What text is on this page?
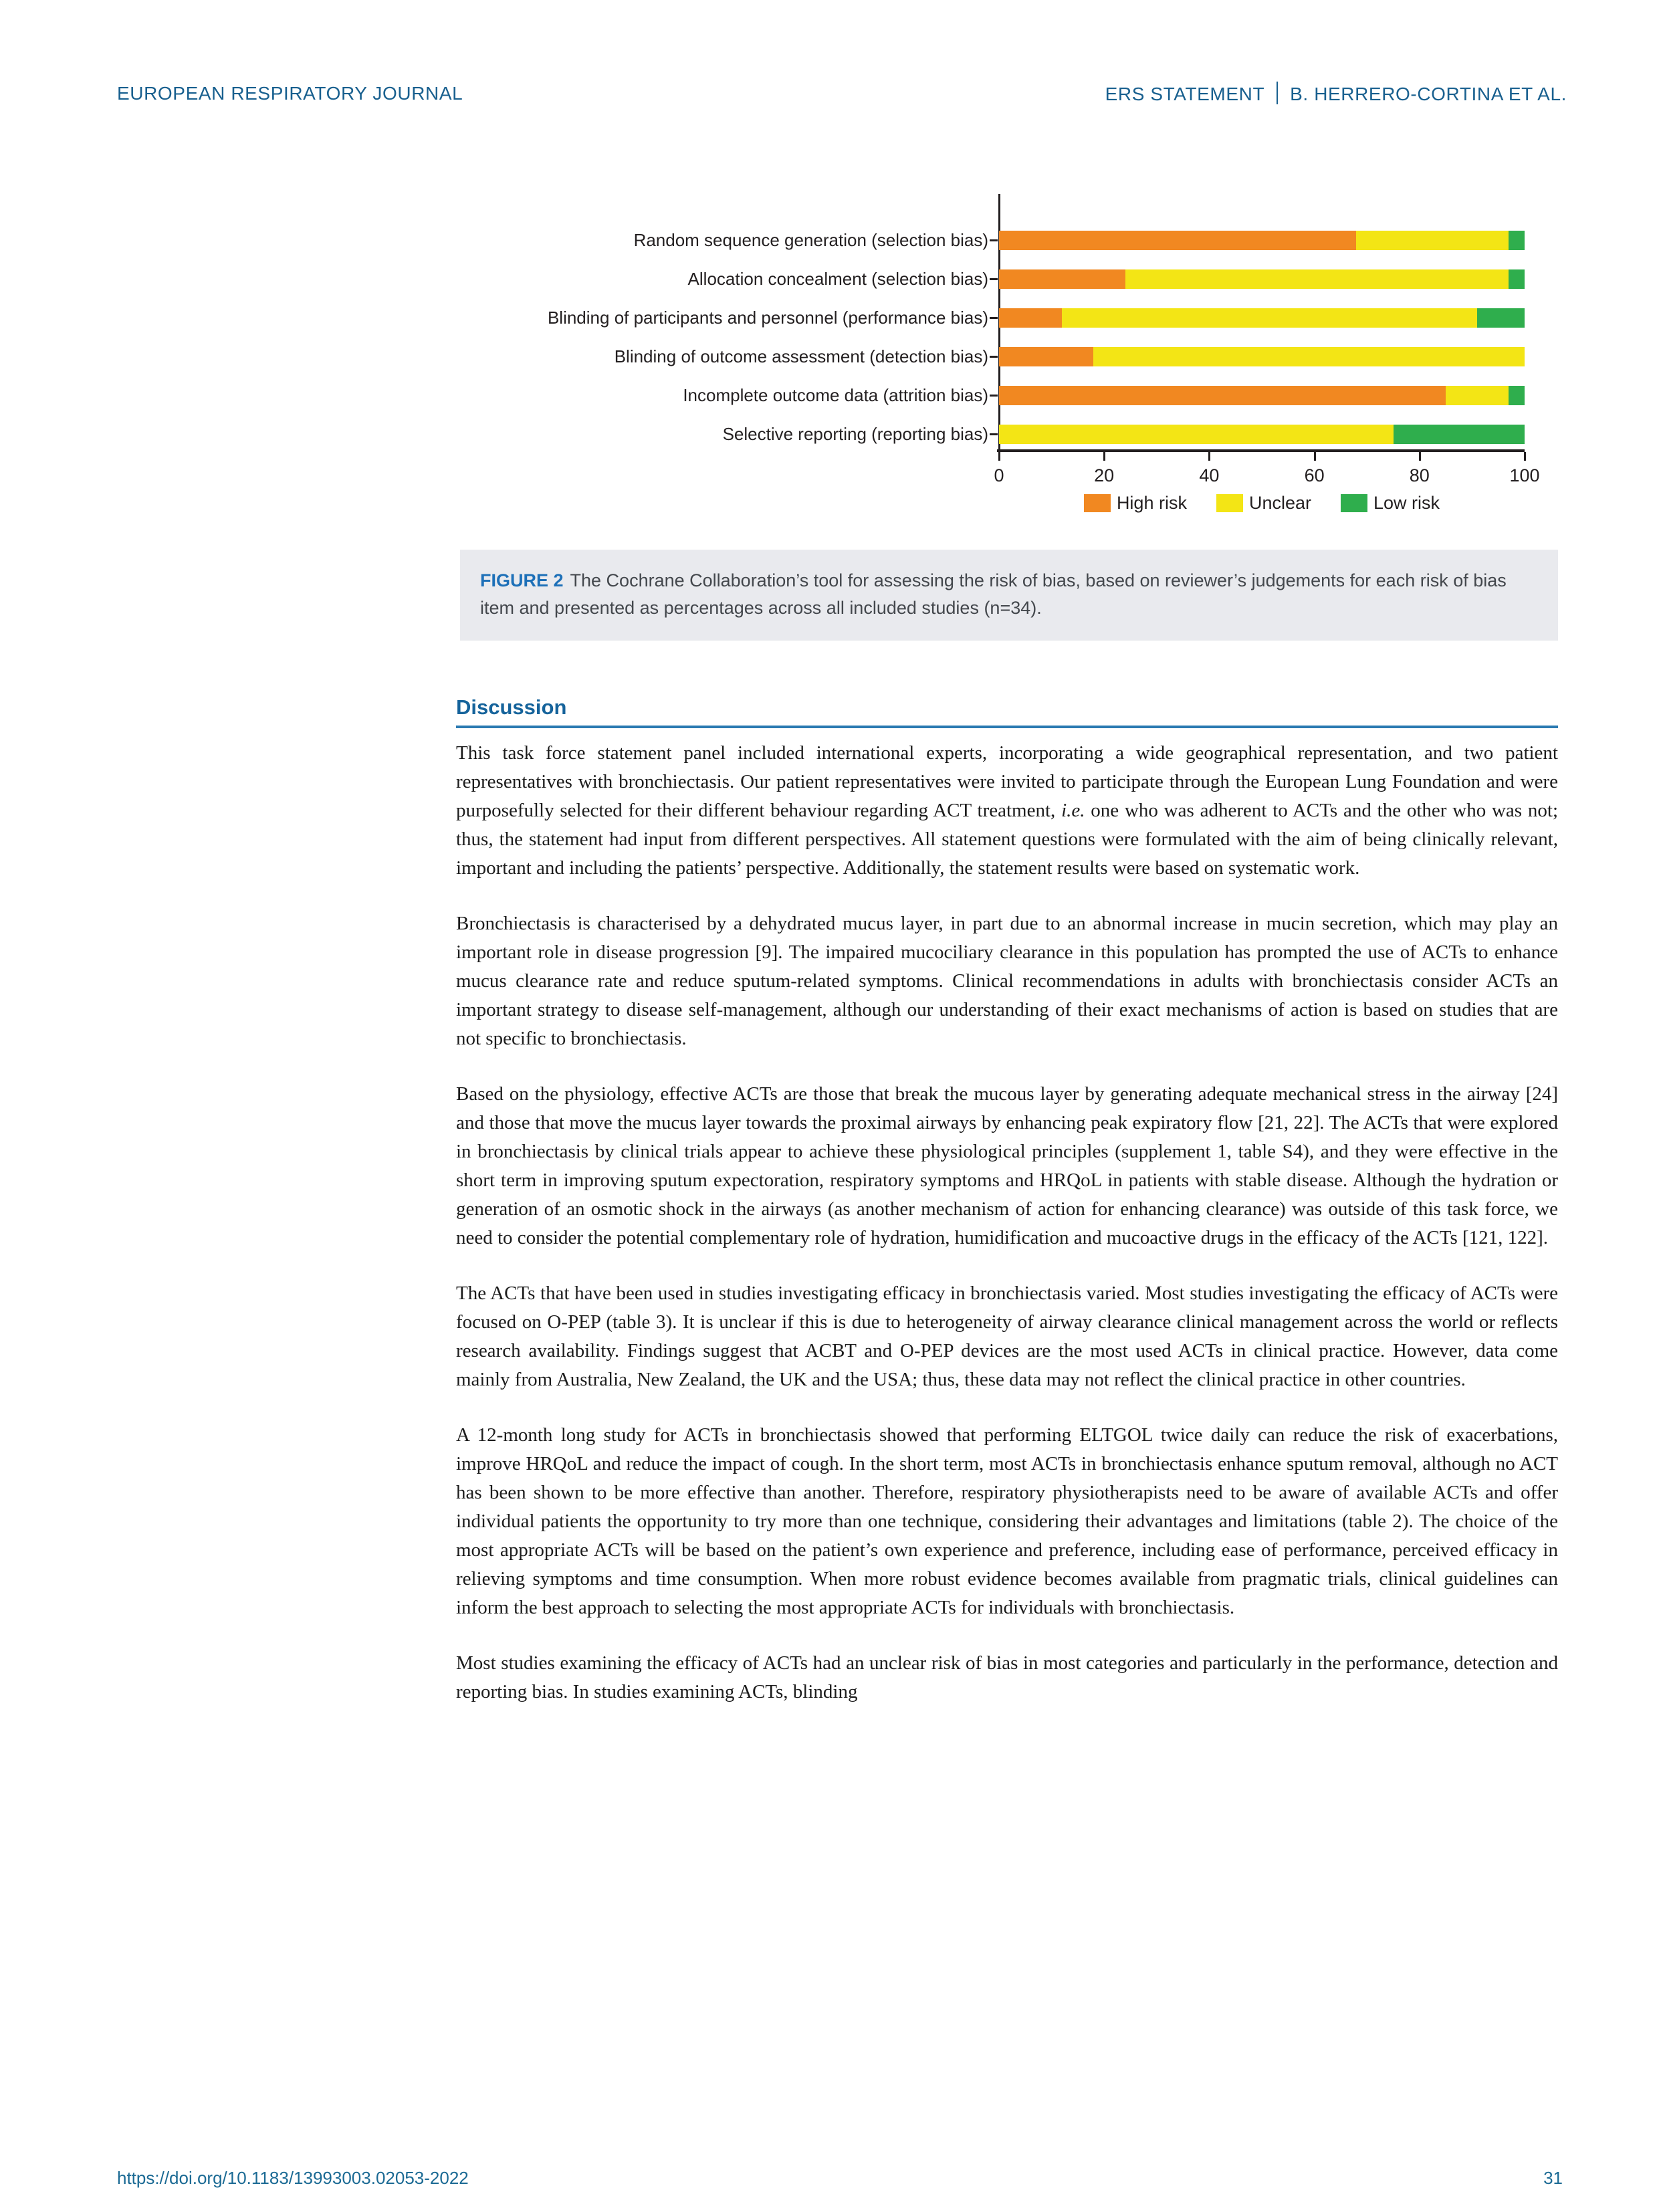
EUROPEAN RESPIRATORY JOURNAL	ERS STATEMENT B. HERRERO-CORTINA ET AL.
Random sequence generation (selection bias)
Allocation concealment (selection bias)
Blinding of participants and personnel (performance bias)
Blinding of outcome assessment (detection bias)
Incomplete outcome data (attrition bias)
Selective reporting (reporting bias)
0	20	40	60	80	100
High risk	Unclear	Low risk
FIGURE 2 The Cochrane Collaboration’s tool for assessing the risk of bias, based on reviewer’s judgements for each risk of bias item and presented as percentages across all included studies (n=34).
Discussion

This task force statement panel included international experts, incorporating a wide geographical representation, and two patient representatives with bronchiectasis. Our patient representatives were invited to participate through the European Lung Foundation and were purposefully selected for their different behaviour regarding ACT treatment, i.e. one who was adherent to ACTs and the other who was not; thus, the statement had input from different perspectives. All statement questions were formulated with the aim of being clinically relevant, important and including the patients’ perspective. Additionally, the statement results were based on systematic work.

Bronchiectasis is characterised by a dehydrated mucus layer, in part due to an abnormal increase in mucin secretion, which may play an important role in disease progression [9]. The impaired mucociliary clearance in this population has prompted the use of ACTs to enhance mucus clearance rate and reduce sputum-related symptoms. Clinical recommendations in adults with bronchiectasis consider ACTs an important strategy to disease self-management, although our understanding of their exact mechanisms of action is based on studies that are not specific to bronchiectasis.

Based on the physiology, effective ACTs are those that break the mucous layer by generating adequate mechanical stress in the airway [24] and those that move the mucus layer towards the proximal airways by enhancing peak expiratory flow [21, 22]. The ACTs that were explored in bronchiectasis by clinical trials appear to achieve these physiological principles (supplement 1, table S4), and they were effective in the short term in improving sputum expectoration, respiratory symptoms and HRQoL in patients with stable disease. Although the hydration or generation of an osmotic shock in the airways (as another mechanism of action for enhancing clearance) was outside of this task force, we need to consider the potential complementary role of hydration, humidification and mucoactive drugs in the efficacy of the ACTs [121, 122].

The ACTs that have been used in studies investigating efficacy in bronchiectasis varied. Most studies investigating the efficacy of ACTs were focused on O-PEP (table 3). It is unclear if this is due to heterogeneity of airway clearance clinical management across the world or reflects research availability. Findings suggest that ACBT and O-PEP devices are the most used ACTs in clinical practice. However, data come mainly from Australia, New Zealand, the UK and the USA; thus, these data may not reflect the clinical practice in other countries.

A 12-month long study for ACTs in bronchiectasis showed that performing ELTGOL twice daily can reduce the risk of exacerbations, improve HRQoL and reduce the impact of cough. In the short term, most ACTs in bronchiectasis enhance sputum removal, although no ACT has been shown to be more effective than another. Therefore, respiratory physiotherapists need to be aware of available ACTs and offer individual patients the opportunity to try more than one technique, considering their advantages and limitations (table 2). The choice of the most appropriate ACTs will be based on the patient’s own experience and preference, including ease of performance, perceived efficacy in relieving symptoms and time consumption. When more robust evidence becomes available from pragmatic trials, clinical guidelines can inform the best approach to selecting the most appropriate ACTs for individuals with bronchiectasis.

Most studies examining the efficacy of ACTs had an unclear risk of bias in most categories and particularly in the performance, detection and reporting bias. In studies examining ACTs, blinding

https://doi.org/10.1183/13993003.02053-2022	31
